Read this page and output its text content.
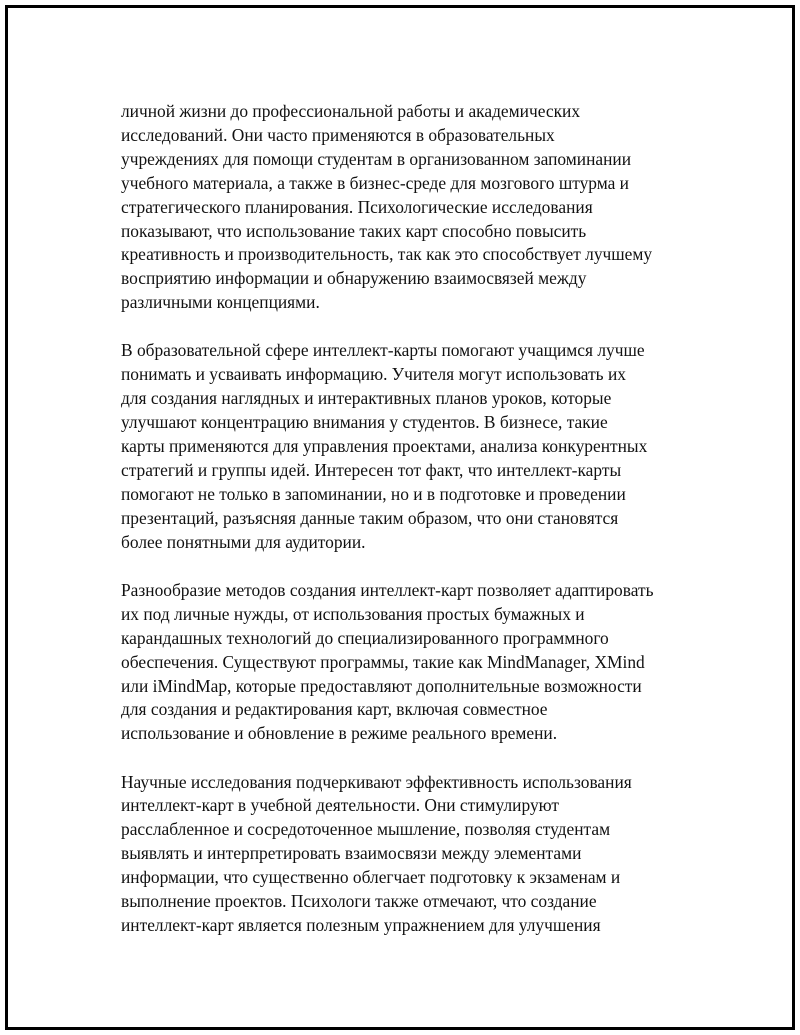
личной жизни до профессиональной работы и академических
исследований. Они часто применяются в образовательных
учреждениях для помощи студентам в организованном запоминании
учебного материала, а также в бизнес-среде для мозгового штурма и
стратегического планирования. Психологические исследования
показывают, что использование таких карт способно повысить
креативность и производительность, так как это способствует лучшему
восприятию информации и обнаружению взаимосвязей между
различными концепциями.

В образовательной сфере интеллект-карты помогают учащимся лучше
понимать и усваивать информацию. Учителя могут использовать их
для создания наглядных и интерактивных планов уроков, которые
улучшают концентрацию внимания у студентов. В бизнесе, такие
карты применяются для управления проектами, анализа конкурентных
стратегий и группы идей. Интересен тот факт, что интеллект-карты
помогают не только в запоминании, но и в подготовке и проведении
презентаций, разъясняя данные таким образом, что они становятся
более понятными для аудитории.

Разнообразие методов создания интеллект-карт позволяет адаптировать
их под личные нужды, от использования простых бумажных и
карандашных технологий до специализированного программного
обеспечения. Существуют программы, такие как MindManager, XMind
или iMindMap, которые предоставляют дополнительные возможности
для создания и редактирования карт, включая совместное
использование и обновление в режиме реального времени.

Научные исследования подчеркивают эффективность использования
интеллект-карт в учебной деятельности. Они стимулируют
расслабленное и сосредоточенное мышление, позволяя студентам
выявлять и интерпретировать взаимосвязи между элементами
информации, что существенно облегчает подготовку к экзаменам и
выполнение проектов. Психологи также отмечают, что создание
интеллект-карт является полезным упражнением для улучшения
